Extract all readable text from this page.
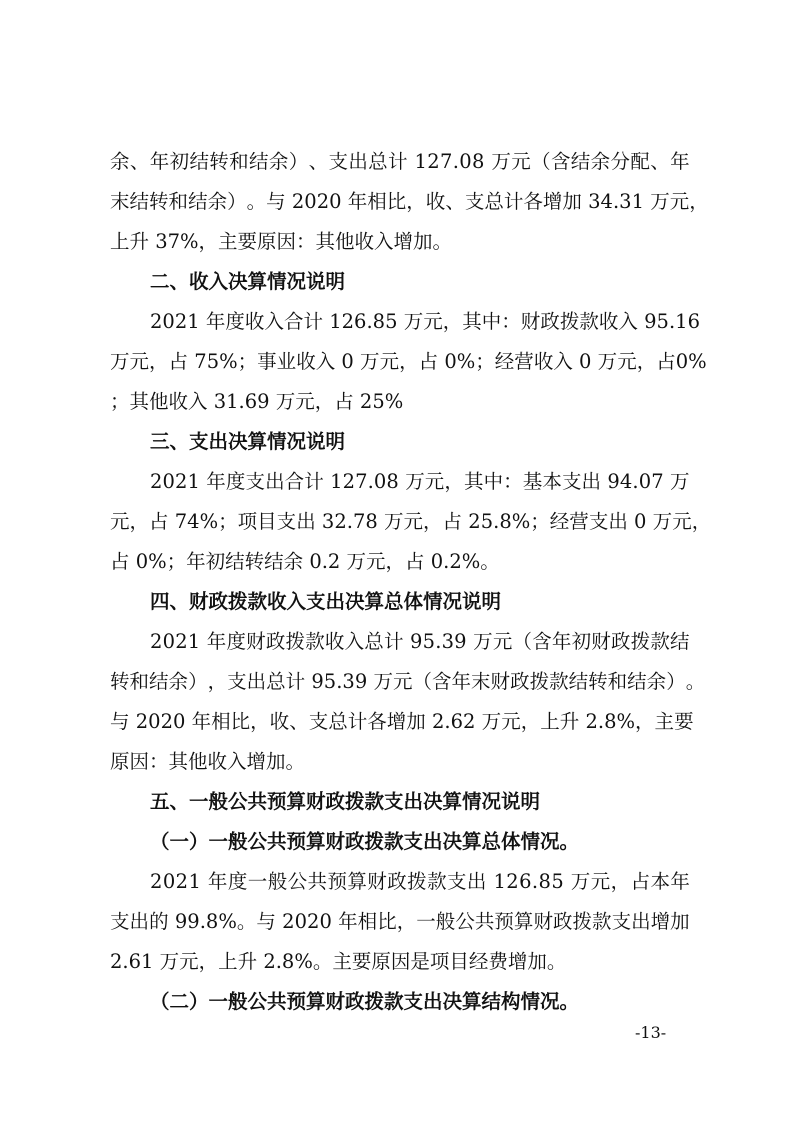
余 、 年 初 结 转 和 结 余 ） 、 支 出 总 计
1 2 7 . 0 8
万 元 （ 含 结 余 分 配 、 年
末 结 转 和 结 余 ） 。 与
2 0 2 0
年 相 比 ， 收 、 支 总 计 各 增 加
3 4 . 3 1
万 元 ，
上升 37%，主要原因：其他收入增加。
二、收入决算情况说明
2 0 2 1
年 度 收 入 合 计
1 2 6 . 8 5
万 元 ， 其 中 ： 财 政 拨 款 收 入
9 5 . 1 6
万 元 ， 占
7 5 % ； 事 业 收 入
0
万 元 ， 占
0 % ； 经 营 收 入
0
万 元 ， 占 0 %
；其他收入 31.69 万元，占 25%
三、支出决算情况说明
2 0 2 1
年 度 支 出 合 计
1 2 7 . 0 8
万 元 ， 其 中 ： 基 本 支 出
9 4 . 0 7
万
元 ， 占
7 4 % ； 项 目 支 出
3 2 . 7 8
万 元 ， 占
2 5 . 8 % ； 经 营 支 出
0
万 元 ，
占 0%；年初结转结余 0.2 万元，占 0.2%。
四、财政拨款收入支出决算总体情况说明
2 0 2 1
年 度 财 政 拨 款 收 入 总 计
9 5 . 3 9
万 元 （ 含 年 初 财 政 拨 款 结
转 和 结 余 ） ， 支 出 总 计
9 5 . 3 9
万 元 （ 含 年 末 财 政 拨 款 结 转 和 结 余 ） 。
与
2 0 2 0
年 相 比 ， 收 、 支 总 计 各 增 加
2 . 6 2
万 元 ， 上 升
2 . 8 % ， 主 要
原因：其他收入增加。
五、一般公共预算财政拨款支出决算情况说明
（一）一般公共预算财政拨款支出决算总体情况。
2 0 2 1
年 度 一 般 公 共 预 算 财 政 拨 款 支 出
1 2 6 . 8 5
万 元 ， 占 本 年
支 出 的
9 9 . 8 % 。 与
2 0 2 0
年 相 比 ， 一 般 公 共 预 算 财 政 拨 款 支 出 增 加
2.61 万元，上升 2.8%。主要原因是项目经费增加。
（二）一般公共预算财政拨款支出决算结构情况。
-13-
